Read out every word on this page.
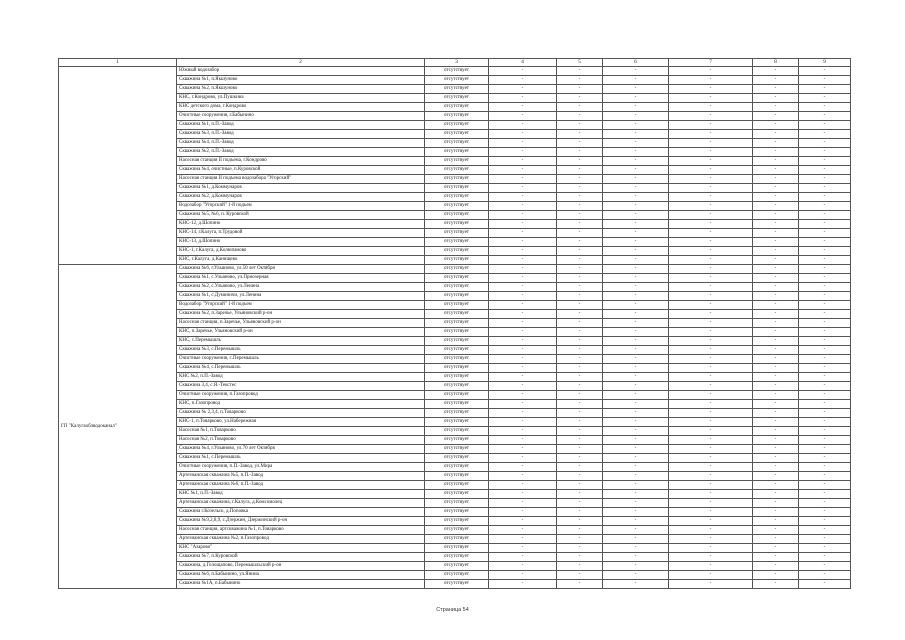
1	2	3	4	5	6	7	8	9
	Южный водозабор	отсутствует	-	-	-	-	-	-
	Скважина №1, п.Якшуново	отсутствует	-	-	-	-	-	-
	Скважина №2, п.Якшуново	отсутствует	-	-	-	-	-	-
	КНС, г.Кондрово, ул.Пушкина	отсутствует	-	-	-	-	-	-
	КНС детского дома, г.Кондрово	отсутствует	-	-	-	-	-	-
	Очистные сооружения, г.Бабынино	отсутствует	-	-	-	-	-	-
	Скважина №1, п.П.-Завод	отсутствует	-	-	-	-	-	-
	Скважина №3, п.П.-Завод	отсутствует	-	-	-	-	-	-
	Скважина №4, п.П.-Завод	отсутствует	-	-	-	-	-	-
	Скважина №2, п.П.-Завод	отсутствует	-	-	-	-	-	-
	Насосная станция II подъема, г.Кондрово	отсутствует	-	-	-	-	-	-
	Скважина №4, очистные, п.Куровской	отсутствует	-	-	-	-	-	-
	Насосная станция II подъема водозабора "Угорский"	отсутствует	-	-	-	-	-	-
	Скважина №1, д.Коммунаров	отсутствует	-	-	-	-	-	-
	Скважина №2, д.Коммунаров	отсутствует	-	-	-	-	-	-
	Водозабор "Угорский" 1-й подъем	отсутствует	-	-	-	-	-	-
	Скважина №5, №6, п. Куровской	отсутствует	-	-	-	-	-	-
	КНС-12, д.Шопино	отсутствует	-	-	-	-	-	-
	КНС-14, г.Калуга, п.Трудовой	отсутствует	-	-	-	-	-	-
	КНС-13, д.Шопино	отсутствует	-	-	-	-	-	-
	КНС-1, г.Калуга, д.Колюпаново	отсутствует	-	-	-	-	-	-
	КНС, г.Калуга, д.Канищево	отсутствует	-	-	-	-	-	-
ГП "Калугаоблводоканал"	Скважина №6, г.Ульяново, ул.50 лет Октября	отсутствует	-	-	-	-	-	-
	Скважина №1, с.Ульяново, ул.Приозерная	отсутствует	-	-	-	-	-	-
	Скважина №2, с.Ульяново, ул.Ленина	отсутствует	-	-	-	-	-	-
	Скважина №1, с.Думиничи, ул.Ленина	отсутствует	-	-	-	-	-	-
	Водозабор "Угорский" 1-й подъем	отсутствует	-	-	-	-	-	-
	Скважина №2, п.Заречье, Ульяновский р-он	отсутствует	-	-	-	-	-	-
	Насосная станция, п.Заречье, Ульяновский р-он	отсутствует	-	-	-	-	-	-
	КНС, п.Заречье, Ульяновский р-он	отсутствует	-	-	-	-	-	-
	КНС, с.Перемышль	отсутствует	-	-	-	-	-	-
	Скважина №3, с.Перемышль	отсутствует	-	-	-	-	-	-
	Очистные сооружения, с.Перемышль	отсутствует	-	-	-	-	-	-
	Скважина №4, с.Перемышль	отсутствует	-	-	-	-	-	-
	КНС №2, п.П.-Завод	отсутствует	-	-	-	-	-	-
	Скважина 3,4, с.Я.-Текстес	отсутствует	-	-	-	-	-	-
	Очистные сооружения, п.Газопровод	отсутствует	-	-	-	-	-	-
	КНС, п.Газопровод	отсутствует	-	-	-	-	-	-
	Скважина № 2,3,4, п.Товарково	отсутствует	-	-	-	-	-	-
	КНС-1, п.Товарково, ул.Набережная	отсутствует	-	-	-	-	-	-
	Насосная №1, п.Товарково	отсутствует	-	-	-	-	-	-
	Насосная №2, п.Товарково	отсутствует	-	-	-	-	-	-
	Скважина №4, г.Ульяново, ул.70 лет Октября	отсутствует	-	-	-	-	-	-
	Скважина №1, с.Перемышль	отсутствует	-	-	-	-	-	-
	Очистные сооружения, п.П.-Завод, ул.Мира	отсутствует	-	-	-	-	-	-
	Артезианская скважина №5, п.П.-Завод	отсутствует	-	-	-	-	-	-
	Артезианская скважина №6, п.П.-Завод	отсутствует	-	-	-	-	-	-
	КНС №1, п.П.-Завод	отсутствует	-	-	-	-	-	-
	Артезианская скважина, г.Калуга, д.Комсомолец	отсутствует	-	-	-	-	-	-
	Скважина г.Козельск, д.Поповка	отсутствует	-	-	-	-	-	-
	Скважина №9,2,8,9, с.Дзержин, Дзержинский р-он	отсутствует	-	-	-	-	-	-
	Насосная станция, артскважина №1, п.Товарково	отсутствует	-	-	-	-	-	-
	Артезианская скважина №2, п.Газопровод	отсутствует	-	-	-	-	-	-
	КНС "Азарово"	отсутствует	-	-	-	-	-	-
	Скважина №7, п.Куровской	отсутствует	-	-	-	-	-	-
	Скважина, д.Голощапово, Перемышльский р-он	отсутствует	-	-	-	-	-	-
	Скважина №6, п.Бабынино, ул.Янина	отсутствует	-	-	-	-	-	-
	Скважина №1А, п.Бабынино	отсутствует	-	-	-	-	-	-
Страница 54
